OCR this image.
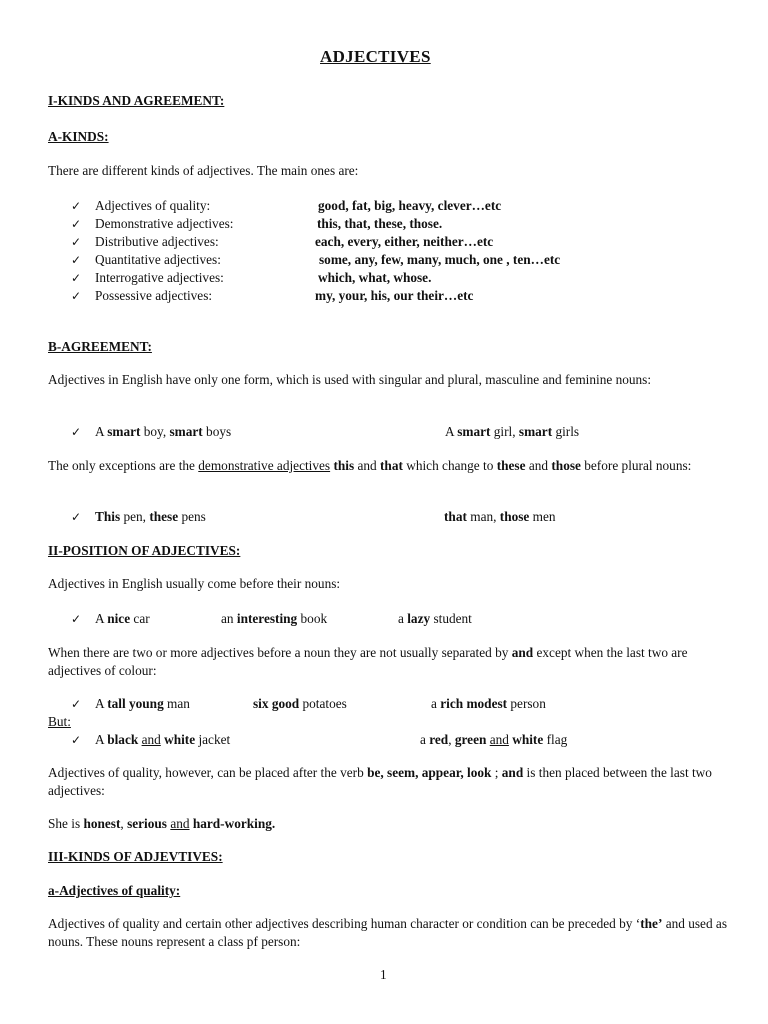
ADJECTIVES
I-KINDS AND AGREEMENT:
A-KINDS:
There are different kinds of adjectives. The main ones are:
✓ Adjectives of quality:	good, fat, big, heavy, clever…etc
✓ Demonstrative adjectives:	this, that, these, those.
✓ Distributive adjectives:	each, every, either, neither…etc
✓ Quantitative adjectives:	some, any, few, many, much, one , ten…etc
✓ Interrogative adjectives:	which, what, whose.
✓ Possessive adjectives:	my, your, his, our their…etc
B-AGREEMENT:
Adjectives in English have only one form, which is used with singular and plural, masculine and feminine nouns:
✓ A smart boy, smart boys	A smart girl, smart girls
The only exceptions are the demonstrative adjectives this and that which change to these and those before plural nouns:
✓ This pen, these pens	that man, those men
II-POSITION OF ADJECTIVES:
Adjectives in English usually come before their nouns:
✓ A nice car	an interesting book	a lazy student
When there are two or more adjectives before a noun they are not usually separated by and except when the last two are adjectives of colour:
✓ A tall young man	six good potatoes	a rich modest person
But:
✓ A black and white jacket	a red, green and white flag
Adjectives of quality, however, can be placed after the verb be, seem, appear, look ; and is then placed between the last two adjectives:
She is honest, serious and hard-working.
III-KINDS OF ADJEVTIVES:
a-Adjectives of quality:
Adjectives of quality and certain other adjectives describing human character or condition can be preceded by ‘the’ and used as nouns. These nouns represent a class pf person:
1
